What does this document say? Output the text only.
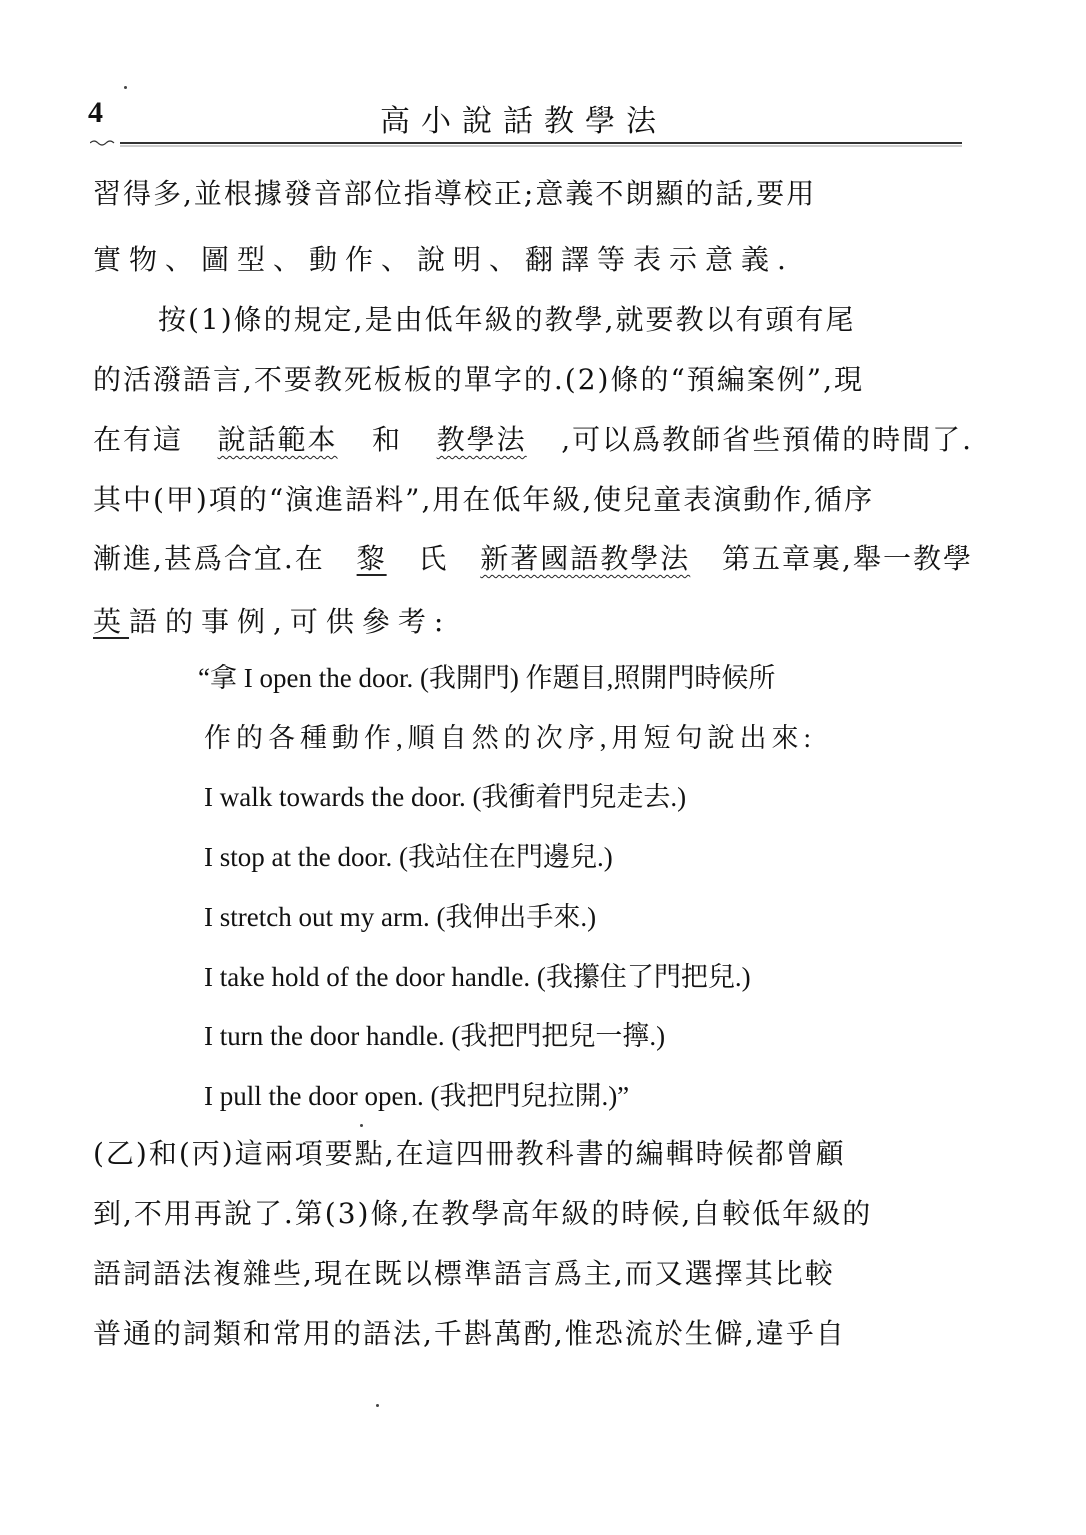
4	高小說話教學法
習得多,並根據發音部位指導校正;意義不朗顯的話,要用
實物、圖型、動作、說明、翻譯等表示意義.
按(1)條的規定,是由低年級的教學,就要教以有頭有尾
的活潑語言,不要教死板板的單字的.(2)條的“預編案例”,現
在有這 說話範本 和 教學法 ,可以爲教師省些預備的時間了.
其中(甲)項的“演進語料”,用在低年級,使兒童表演動作,循序
漸進,甚爲合宜.在 黎 氏 新著國語教學法 第五章裏,舉一教學
英 語的事例,可供參考:
“拿 I open the door. (我開門) 作題目,照開門時候所
作的各種動作,順自然的次序,用短句說出來:
I walk towards the door. (我衝着門兒走去.)
I stop at the door. (我站住在門邊兒.)
I stretch out my arm. (我伸出手來.)
I take hold of the door handle. (我攥住了門把兒.)
I turn the door handle. (我把門把兒一擰.)
I pull the door open. (我把門兒拉開.)”
(乙)和(丙)這兩項要點,在這四冊教科書的編輯時候都曾顧
到,不用再說了.第(3)條,在教學高年級的時候,自較低年級的
語詞語法複雜些,現在既以標準語言爲主,而又選擇其比較
普通的詞類和常用的語法,千斟萬酌,惟恐流於生僻,違乎自
